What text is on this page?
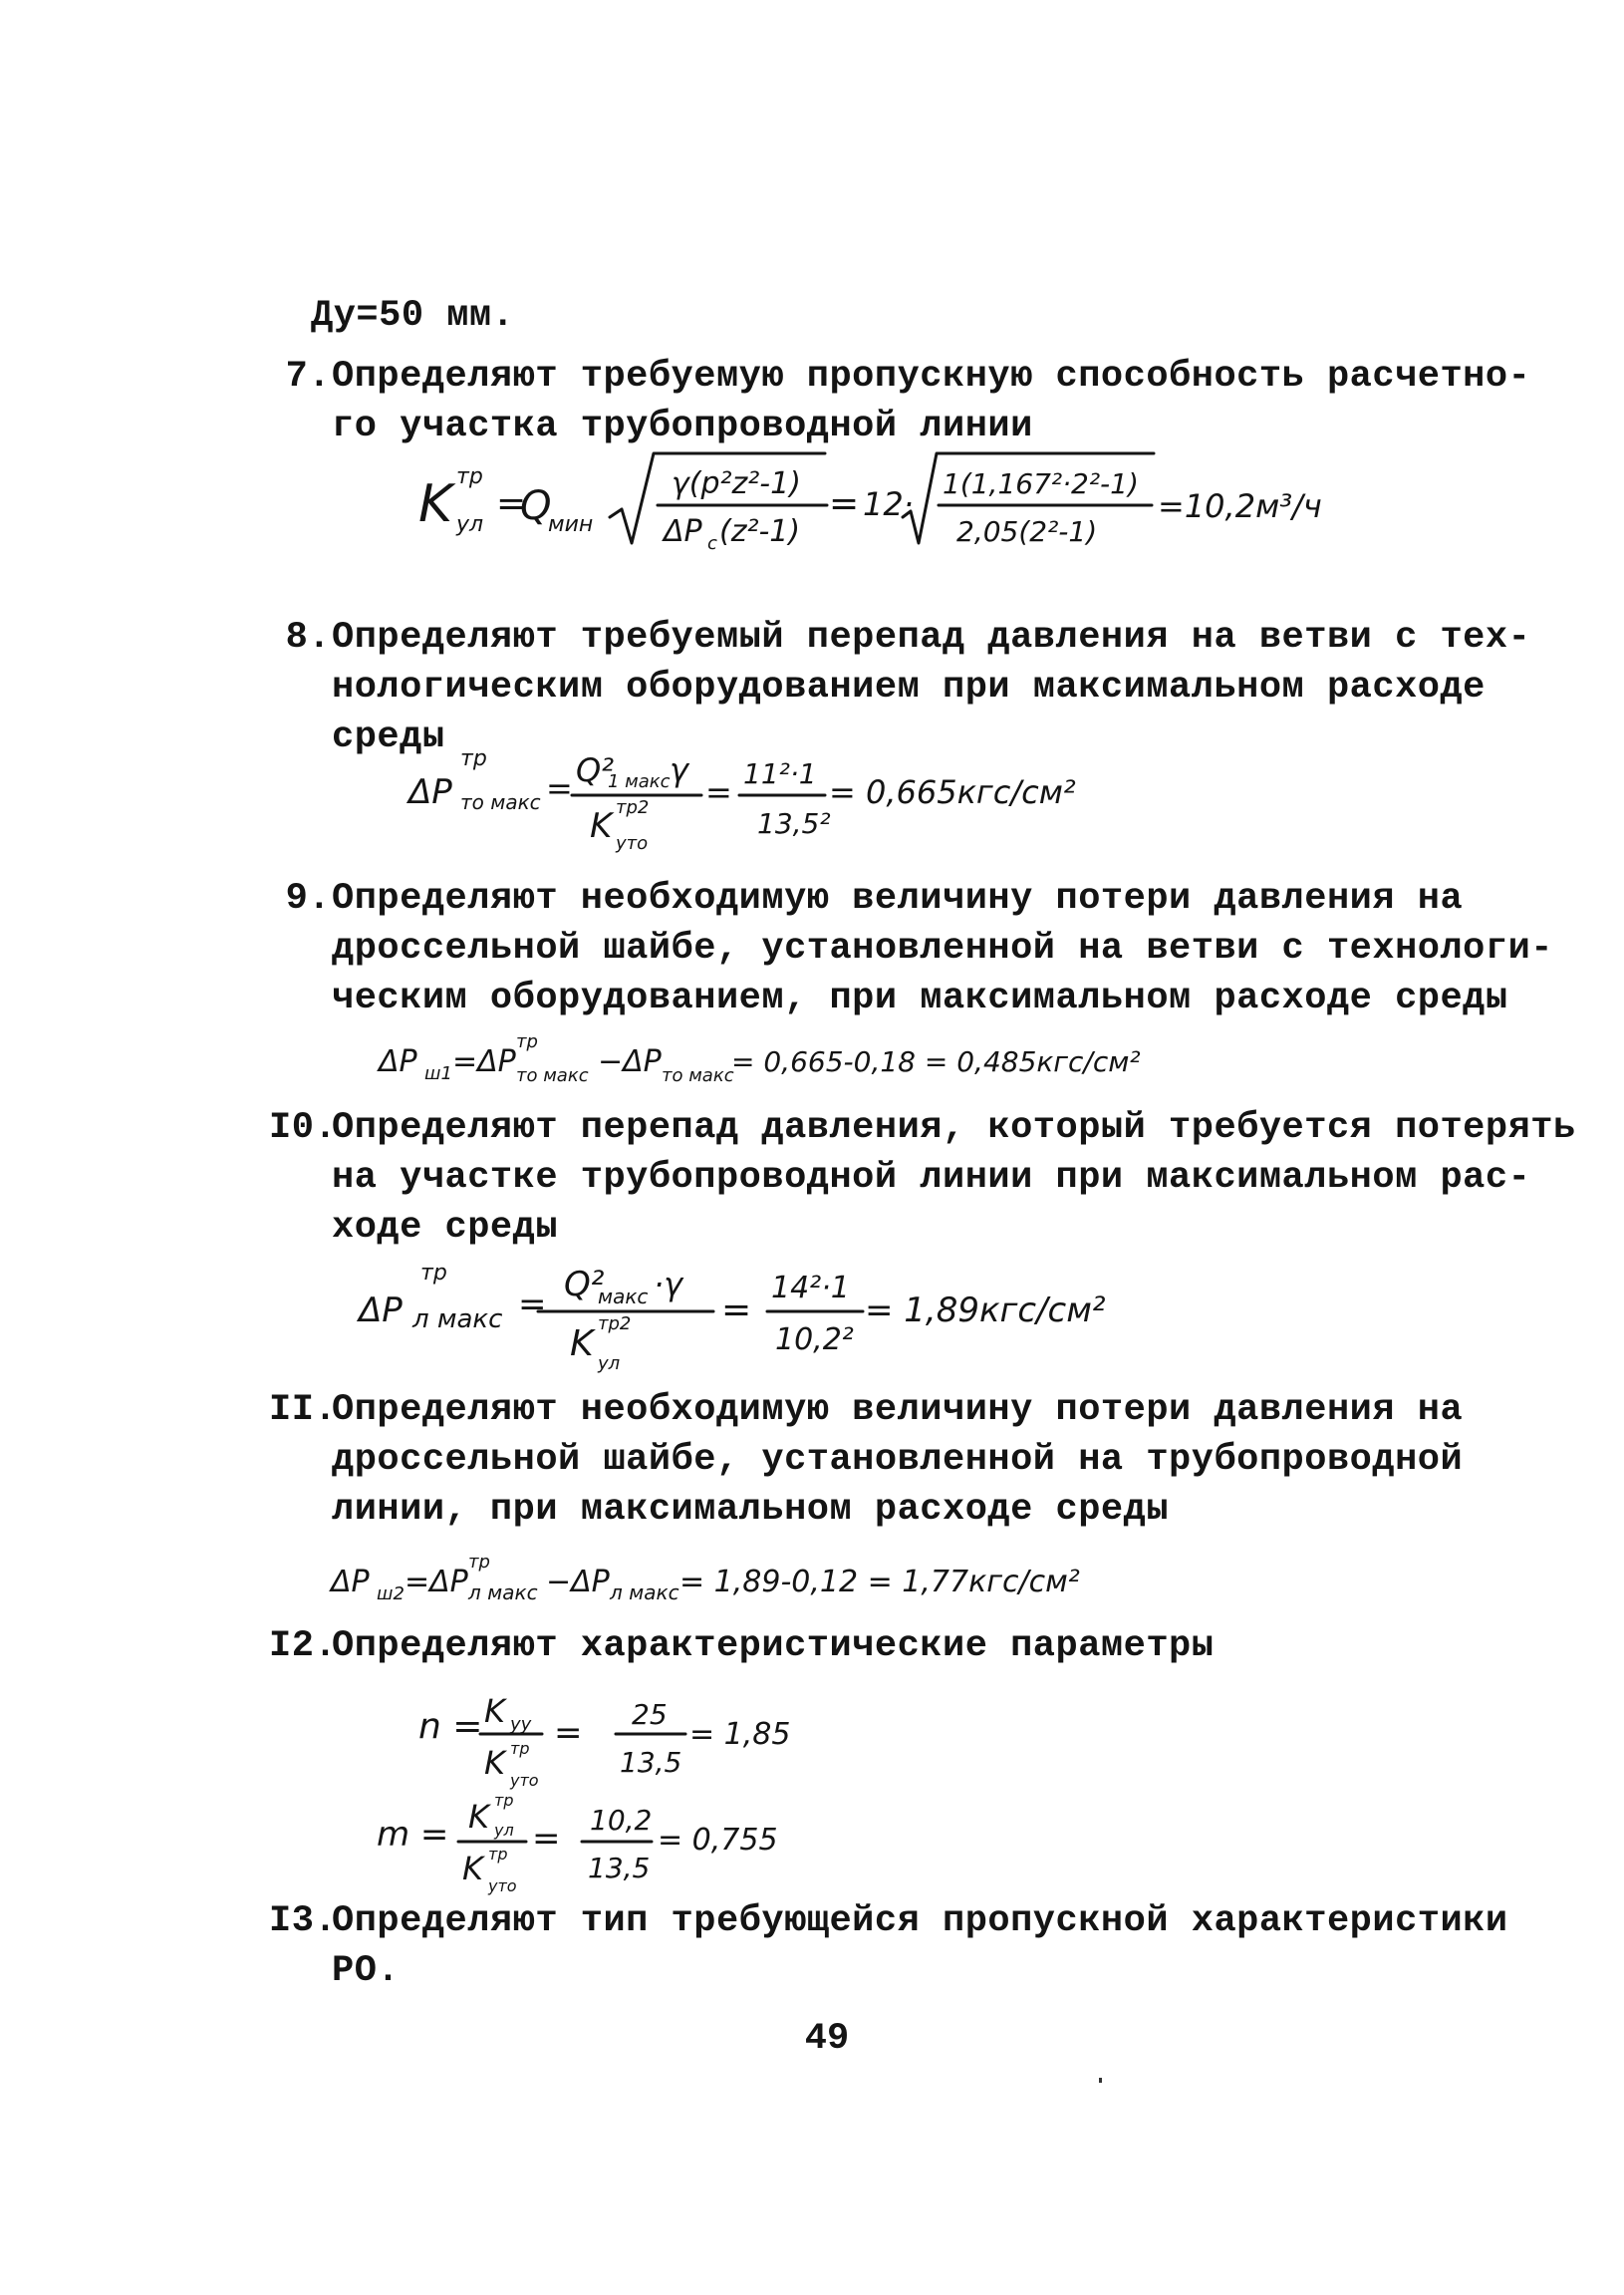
Ду=50 мм.
7. Определяют требуемую пропускную способность расчетно-
го участка трубопроводной линии
K тр
ул
=
Q
мин
γ(p²z²-1)
ΔP c (z²-1)
= 12·
1(1,167²·2²-1)
2,05(2²-1)
=10,2м³/ч
8. Определяют требуемый перепад давления на ветви с тех-
нологическим оборудованием при максимальном расходе
среды
ΔP
тр
то макс = Q²
1 макс γ
K тр2
уто
= 11²·1
13,5²
= 0,665кгс/см²
9. Определяют необходимую величину потери давления на
дроссельной шайбе, установленной на ветви с технологи-
ческим оборудованием, при максимальном расходе среды
ΔP ш1 =ΔP
тр
то макс −ΔP то макс
= 0,665-0,18 = 0,485кгс/см²
I0.
Определяют перепад давления, который требуется потерять
на участке трубопроводной линии при максимальном рас-
ходе среды
ΔP
тр
л макс = Q²
макс ·γ
K тр2
ул
=
14²·1
10,2²
= 1,89кгс/см²
II.
Определяют необходимую величину потери давления на
дроссельной шайбе, установленной на трубопроводной
линии, при максимальном расходе среды
ΔP ш2 =ΔP
тр
л макс −ΔP л макс = 1,89-0,12 = 1,77кгс/см²
I2.
Определяют характеристические параметры
n = K уу
K тр
уто
= 25
13,5
= 1,85
m = K тр
ул
K тр
уто
= 10,2
13,5
= 0,755
I3.
Определяют тип требующейся пропускной характеристики
РО.
49
